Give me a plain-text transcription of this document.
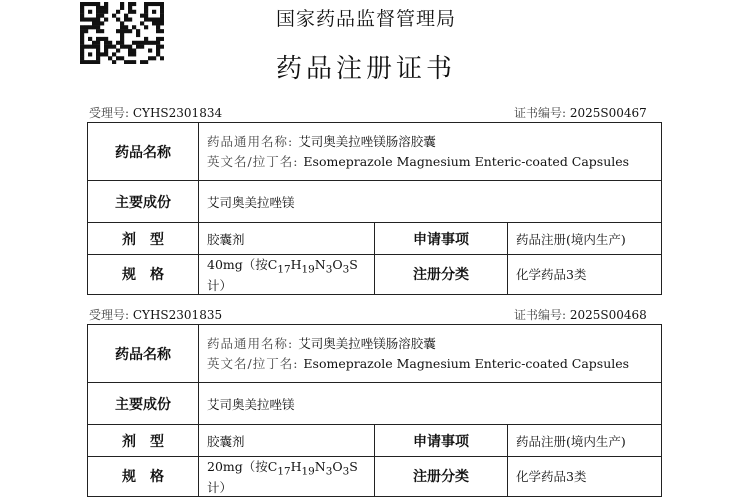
国家药品监督管理局
药品注册证书
受理号: CYHS2301834	证书编号: 2025S00467
药品名称	药品通用名称: 艾司奥美拉唑镁肠溶胶囊
英文名/拉丁名: Esomeprazole Magnesium Enteric-coated Capsules		

主要成份	艾司奥美拉唑镁		
剂　型	胶囊剂	申请事项	药品注册(境内生产)
规　格	40mg（按$C_{17}H_{19}N_3O_3S$计）	注册分类	化学药品3类
受理号: CYHS2301835	证书编号: 2025S00468
药品名称	药品通用名称: 艾司奥美拉唑镁肠溶胶囊
英文名/拉丁名: Esomeprazole Magnesium Enteric-coated Capsules		

主要成份	艾司奥美拉唑镁		
剂　型	胶囊剂	申请事项	药品注册(境内生产)
规　格	20mg（按$C_{17}H_{19}N_3O_3S$计）	注册分类	化学药品3类
